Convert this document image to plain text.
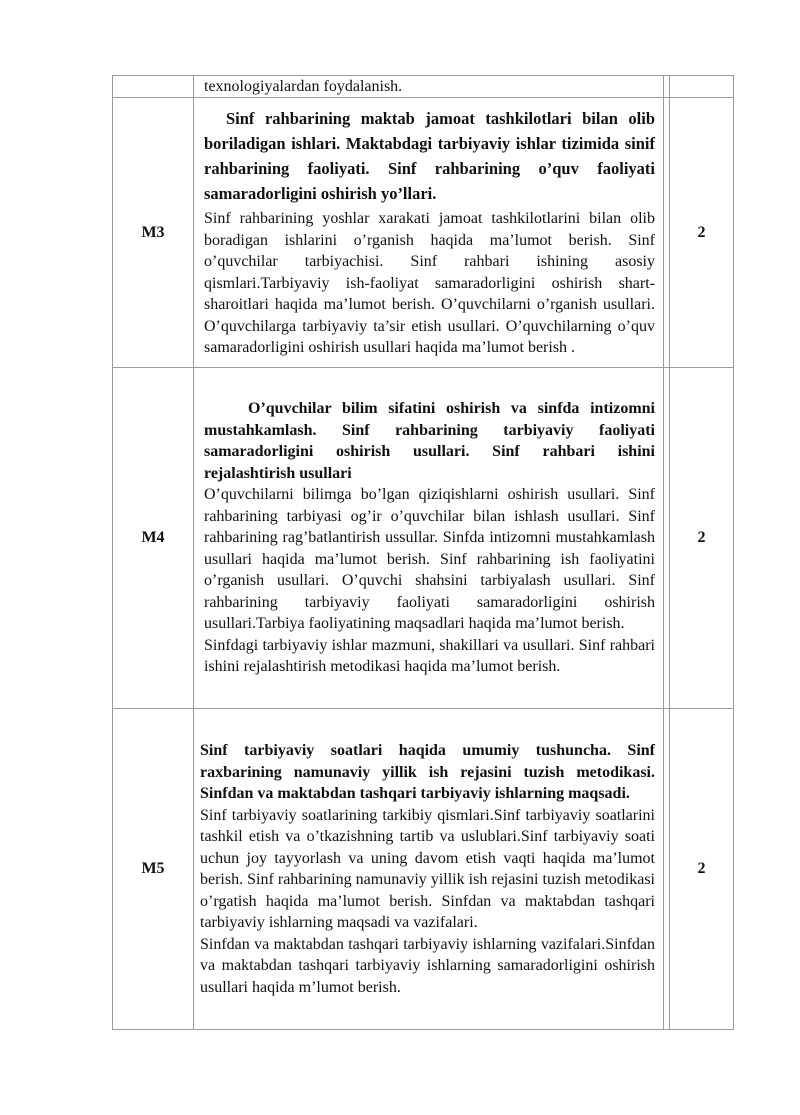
	texnologiyalardan foydalanish.		

M3	Sinf rahbarining maktab jamoat tashkilotlari bilan olib boriladigan ishlari. Maktabdagi tarbiyaviy ishlar tizimida sinif rahbarining faoliyati. Sinf rahbarining o’quv faoliyati samaradorligini oshirish yo’llari.
Sinf rahbarining yoshlar xarakati jamoat tashkilotlarini bilan olib boradigan ishlarini o’rganish haqida ma’lumot berish. Sinf o’quvchilar tarbiyachisi. Sinf rahbari ishining asosiy qismlari.Tarbiyaviy ish-faoliyat samaradorligini oshirish shart- sharoitlari haqida ma’lumot berish. O’quvchilarni o’rganish usullari. O’quvchilarga tarbiyaviy ta’sir etish usullari. O’quvchilarning o’quv samaradorligini oshirish usullari haqida ma’lumot berish .		2
M4	O’quvchilar bilim sifatini oshirish va sinfda intizomni mustahkamlash. Sinf rahbarining tarbiyaviy faoliyati samaradorligini oshirish usullari. Sinf rahbari ishini rejalashtirish usullari
O’quvchilarni bilimga bo’lgan qiziqishlarni oshirish usullari. Sinf rahbarining tarbiyasi og’ir o’quvchilar bilan ishlash usullari. Sinf rahbarining rag’batlantirish ussullar. Sinfda intizomni mustahkamlash usullari haqida ma’lumot berish. Sinf rahbarining ish faoliyatini o’rganish usullari. O’quvchi shahsini tarbiyalash usullari. Sinf rahbarining tarbiyaviy faoliyati samaradorligini oshirish usullari.Tarbiya faoliyatining maqsadlari haqida ma’lumot berish.
Sinfdagi tarbiyaviy ishlar mazmuni, shakillari va usullari. Sinf rahbari ishini rejalashtirish metodikasi haqida ma’lumot berish.		2
M5	Sinf tarbiyaviy soatlari haqida umumiy tushuncha. Sinf raxbarining namunaviy yillik ish rejasini tuzish metodikasi. Sinfdan va maktabdan tashqari tarbiyaviy ishlarning maqsadi.
Sinf tarbiyaviy soatlarining tarkibiy qismlari.Sinf tarbiyaviy soatlarini tashkil etish va o’tkazishning tartib va uslublari.Sinf tarbiyaviy soati uchun joy tayyorlash va uning davom etish vaqti haqida ma’lumot berish. Sinf rahbarining namunaviy yillik ish rejasini tuzish metodikasi o’rgatish haqida ma’lumot berish. Sinfdan va maktabdan tashqari tarbiyaviy ishlarning maqsadi va vazifalari.
Sinfdan va maktabdan tashqari tarbiyaviy ishlarning vazifalari.Sinfdan va maktabdan tashqari tarbiyaviy ishlarning samaradorligini oshirish usullari haqida m’lumot berish.		2
